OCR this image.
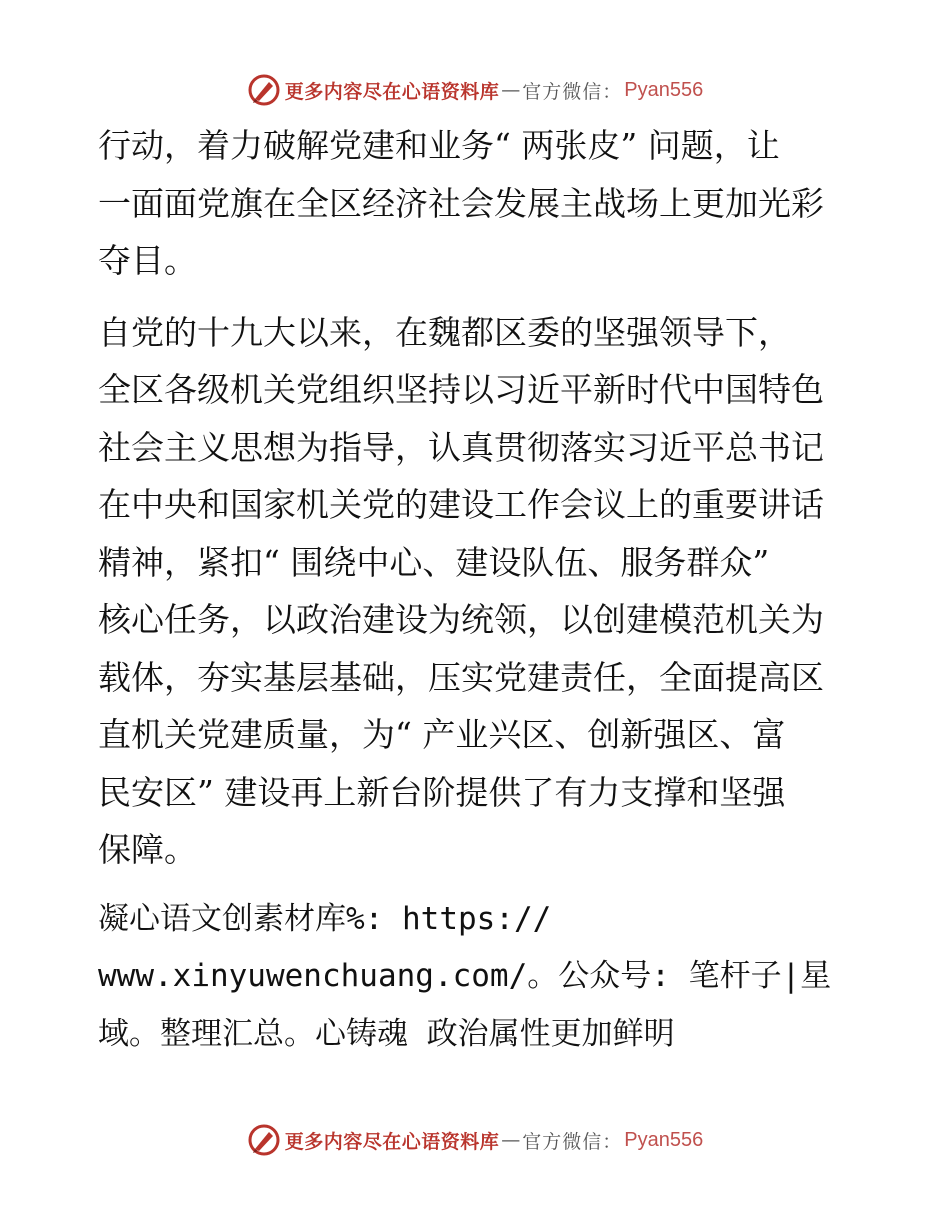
更多内容尽在心语资料库 — 官方微信： Pyan556
行动，着力破解党建和业务“ 两张皮” 问题，让
一面面党旗在全区经济社会发展主战场上更加光彩
夺目。
自党的十九大以来，在魏都区委的坚强领导下，
全区各级机关党组织坚持以习近平新时代中国特色
社会主义思想为指导，认真贯彻落实习近平总书记
在中央和国家机关党的建设工作会议上的重要讲话
精神，紧扣“ 围绕中心、建设队伍、服务群众”
核心任务，以政治建设为统领，以创建模范机关为
载体，夯实基层基础，压实党建责任，全面提高区
直机关党建质量，为“ 产业兴区、创新强区、富
民安区” 建设再上新台阶提供了有力支撑和坚强
保障。
凝心语文创素材库%: https://
www.xinyuwenchuang.com/。公众号: 笔杆子|星
域。整理汇总。心铸魂 政治属性更加鲜明
更多内容尽在心语资料库 — 官方微信： Pyan556
